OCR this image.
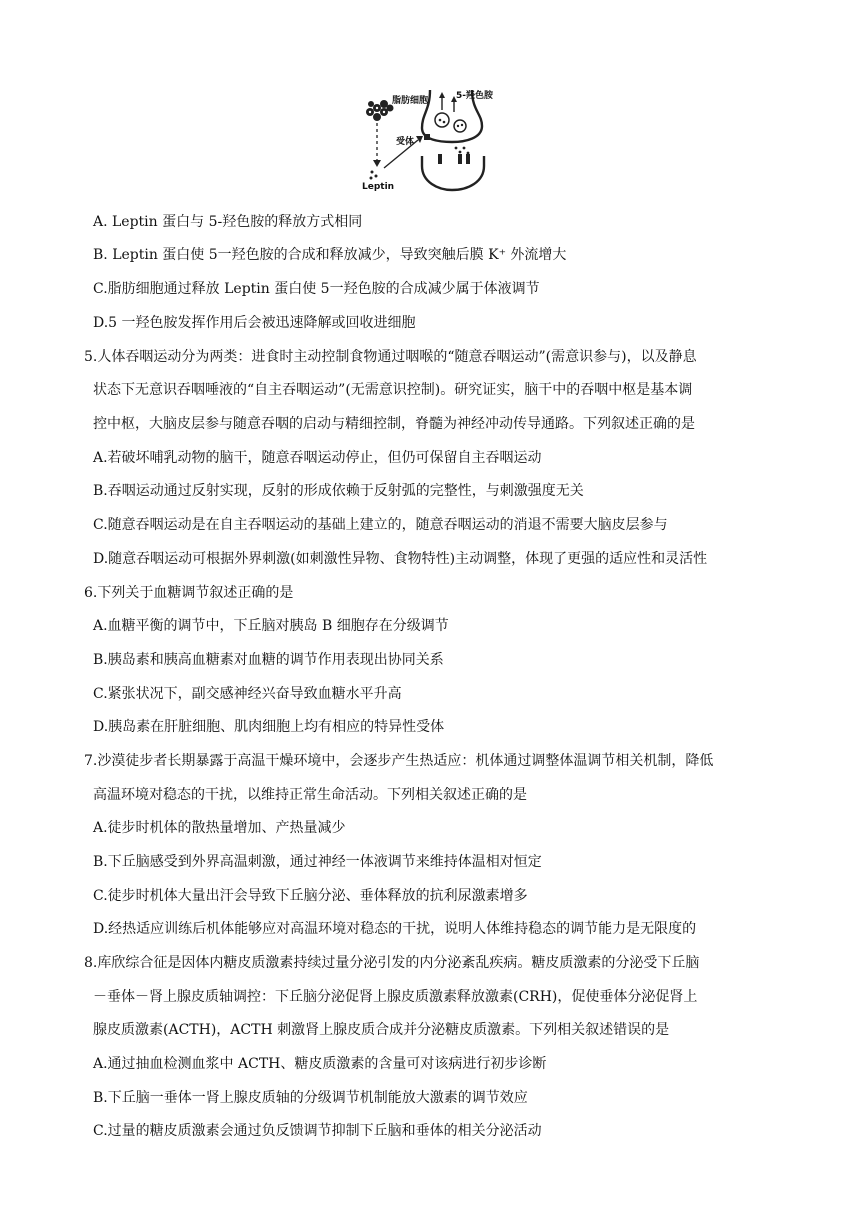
脂肪细胞	5-羟色胺
受体
Leptin
A. Leptin 蛋白与 5-羟色胺的释放方式相同
B. Leptin 蛋白使 5一羟色胺的合成和释放减少，导致突触后膜 K⁺ 外流增大
C.脂肪细胞通过释放 Leptin 蛋白使 5一羟色胺的合成减少属于体液调节
D.5 一羟色胺发挥作用后会被迅速降解或回收进细胞
5.人体吞咽运动分为两类：进食时主动控制食物通过咽喉的“随意吞咽运动”(需意识参与)，以及静息
状态下无意识吞咽唾液的“自主吞咽运动”(无需意识控制)。研究证实，脑干中的吞咽中枢是基本调
控中枢，大脑皮层参与随意吞咽的启动与精细控制，脊髓为神经冲动传导通路。下列叙述正确的是
A.若破坏哺乳动物的脑干，随意吞咽运动停止，但仍可保留自主吞咽运动
B.吞咽运动通过反射实现，反射的形成依赖于反射弧的完整性，与刺激强度无关
C.随意吞咽运动是在自主吞咽运动的基础上建立的，随意吞咽运动的消退不需要大脑皮层参与
D.随意吞咽运动可根据外界刺激(如刺激性异物、食物特性)主动调整，体现了更强的适应性和灵活性
6.下列关于血糖调节叙述正确的是
A.血糖平衡的调节中，下丘脑对胰岛 B 细胞存在分级调节
B.胰岛素和胰高血糖素对血糖的调节作用表现出协同关系
C.紧张状况下，副交感神经兴奋导致血糖水平升高
D.胰岛素在肝脏细胞、肌肉细胞上均有相应的特异性受体
7.沙漠徒步者长期暴露于高温干燥环境中，会逐步产生热适应：机体通过调整体温调节相关机制，降低
高温环境对稳态的干扰，以维持正常生命活动。下列相关叙述正确的是
A.徒步时机体的散热量增加、产热量减少
B.下丘脑感受到外界高温刺激，通过神经一体液调节来维持体温相对恒定
C.徒步时机体大量出汗会导致下丘脑分泌、垂体释放的抗利尿激素增多
D.经热适应训练后机体能够应对高温环境对稳态的干扰，说明人体维持稳态的调节能力是无限度的
8.库欣综合征是因体内糖皮质激素持续过量分泌引发的内分泌紊乱疾病。糖皮质激素的分泌受下丘脑
－垂体－肾上腺皮质轴调控：下丘脑分泌促肾上腺皮质激素释放激素(CRH)，促使垂体分泌促肾上
腺皮质激素(ACTH)，ACTH 刺激肾上腺皮质合成并分泌糖皮质激素。下列相关叙述错误的是
A.通过抽血检测血浆中 ACTH、糖皮质激素的含量可对该病进行初步诊断
B.下丘脑一垂体一肾上腺皮质轴的分级调节机制能放大激素的调节效应
C.过量的糖皮质激素会通过负反馈调节抑制下丘脑和垂体的相关分泌活动
